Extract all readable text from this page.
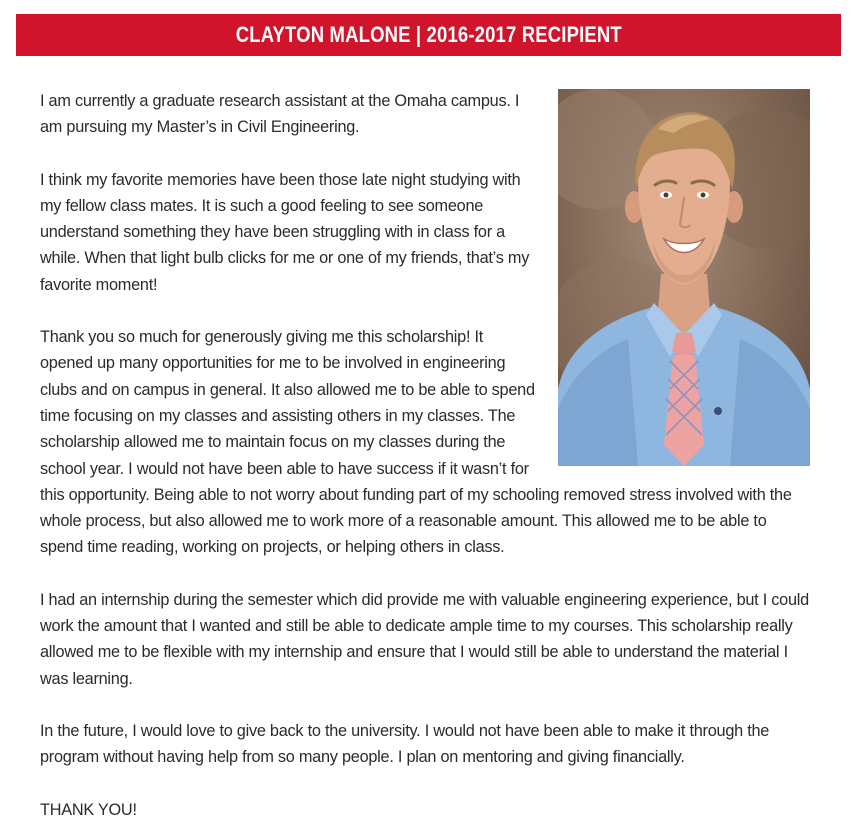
CLAYTON MALONE | 2016-2017 RECIPIENT

I am currently a graduate research assistant at the Omaha campus. I am pursuing my Master’s in Civil Engineering.

I think my favorite memories have been those late night studying with my fellow class mates. It is such a good feeling to see someone understand something they have been struggling with in class for a while. When that light bulb clicks for me or one of my friends, that’s my favorite moment!

Thank you so much for generously giving me this scholarship! It opened up many opportunities for me to be involved in engineering clubs and on campus in general. It also allowed me to be able to spend time focusing on my classes and assisting others in my classes. The scholarship allowed me to maintain focus on my classes during the school year. I would not have been able to have success if it wasn’t for this opportunity. Being able to not worry about funding part of my schooling removed stress involved with the whole process, but also allowed me to work more of a reasonable amount. This allowed me to be able to spend time reading, working on projects, or helping others in class.

I had an internship during the semester which did provide me with valuable engineering experience, but I could work the amount that I wanted and still be able to dedicate ample time to my courses. This scholarship really allowed me to be flexible with my internship and ensure that I would still be able to understand the material I was learning.

In the future, I would love to give back to the university. I would not have been able to make it through the program without having help from so many people. I plan on mentoring and giving financially.

THANK YOU!
